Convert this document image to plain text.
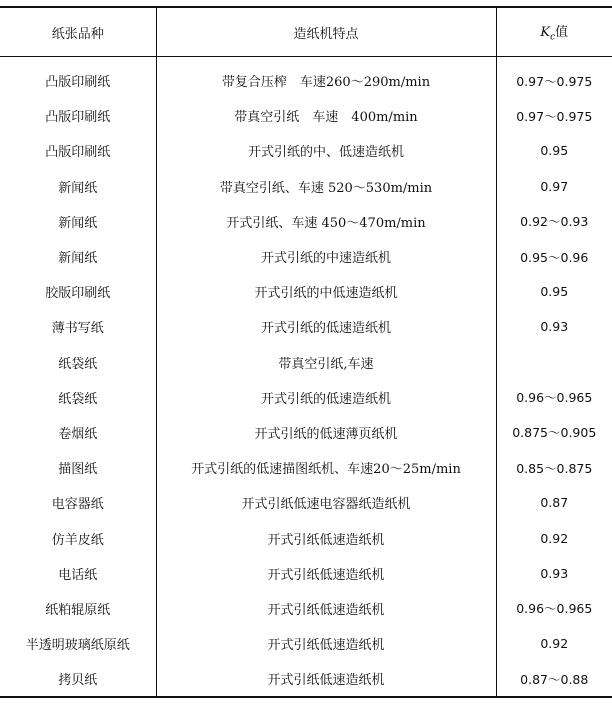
纸张品种	造纸机特点	$K_c$值
凸版印刷纸	带复合压榨　车速260～290m/min	0.97～0.975
凸版印刷纸	带真空引纸　车速　400m/min	0.97～0.975
凸版印刷纸	开式引纸的中、低速造纸机	0.95
新闻纸	带真空引纸、车速 520～530m/min	0.97
新闻纸	开式引纸、车速 450～470m/min	0.92～0.93
新闻纸	开式引纸的中速造纸机	0.95～0.96
胶版印刷纸	开式引纸的中低速造纸机	0.95
薄书写纸	开式引纸的低速造纸机	0.93
纸袋纸	带真空引纸,车速	
纸袋纸	开式引纸的低速造纸机	0.96～0.965
卷烟纸	开式引纸的低速薄页纸机	0.875～0.905
描图纸	开式引纸的低速描图纸机、车速20～25m/min	0.85～0.875
电容器纸	开式引纸低速电容器纸造纸机	0.87
仿羊皮纸	开式引纸低速造纸机	0.92
电话纸	开式引纸低速造纸机	0.93
纸粕辊原纸	开式引纸低速造纸机	0.96～0.965
半透明玻璃纸原纸	开式引纸低速造纸机	0.92
拷贝纸	开式引纸低速造纸机	0.87～0.88
